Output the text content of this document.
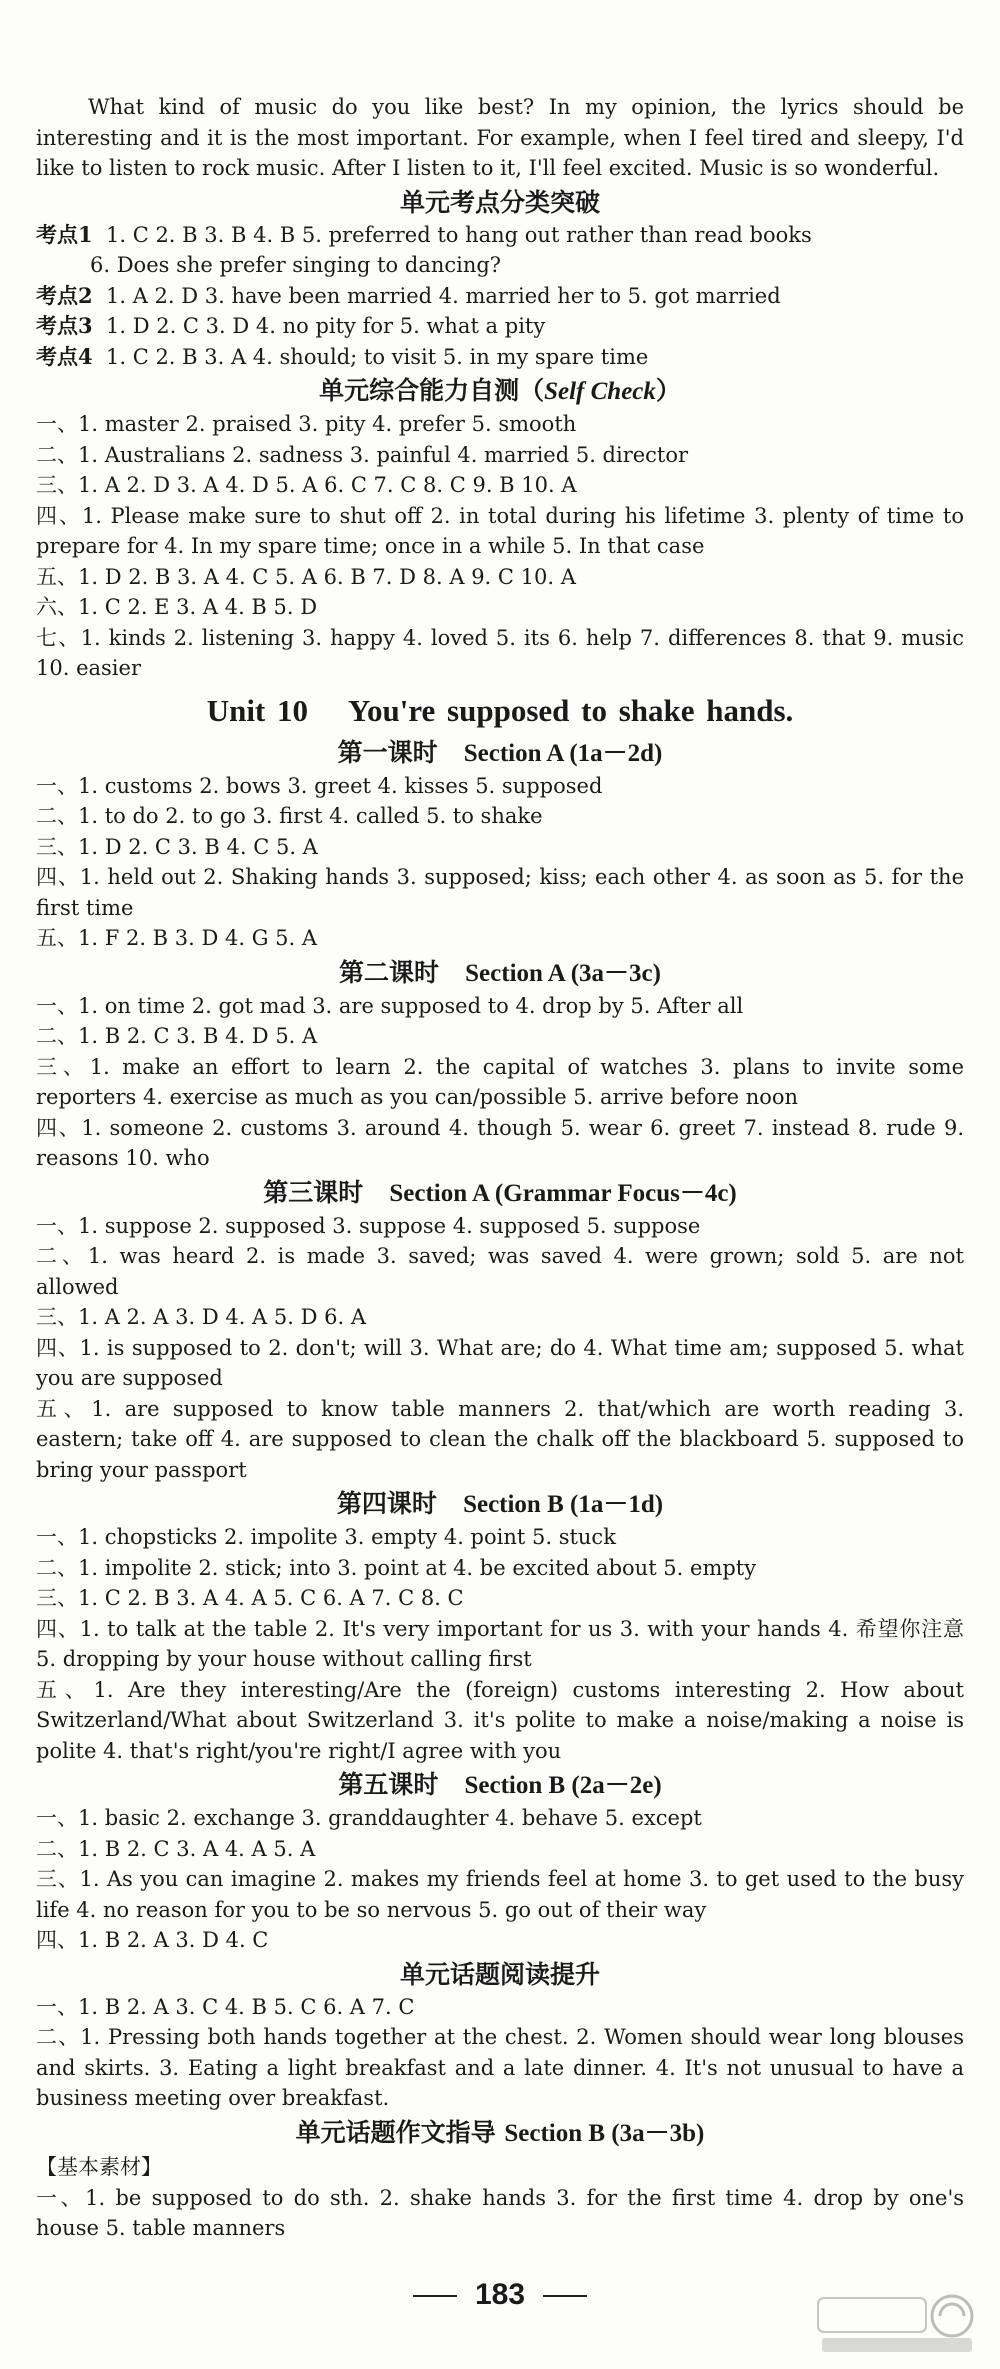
What kind of music do you like best? In my opinion, the lyrics should be interesting and it is the most important. For example, when I feel tired and sleepy, I'd like to listen to rock music. After I listen to it, I'll feel excited. Music is so wonderful.

单元考点分类突破
考点1 1. C 2. B 3. B 4. B 5. preferred to hang out rather than read books
6. Does she prefer singing to dancing?
考点2 1. A 2. D 3. have been married 4. married her to 5. got married
考点3 1. D 2. C 3. D 4. no pity for 5. what a pity
考点4 1. C 2. B 3. A 4. should; to visit 5. in my spare time
单元综合能力自测（Self Check）
一、1. master 2. praised 3. pity 4. prefer 5. smooth
二、1. Australians 2. sadness 3. painful 4. married 5. director
三、1. A 2. D 3. A 4. D 5. A 6. C 7. C 8. C 9. B 10. A
四、1. Please make sure to shut off 2. in total during his lifetime 3. plenty of time to prepare for 4. In my spare time; once in a while 5. In that case
五、1. D 2. B 3. A 4. C 5. A 6. B 7. D 8. A 9. C 10. A
六、1. C 2. E 3. A 4. B 5. D
七、1. kinds 2. listening 3. happy 4. loved 5. its 6. help 7. differences 8. that 9. music 10. easier
Unit 10 You're supposed to shake hands.
第一课时 Section A (1a－2d)
一、1. customs 2. bows 3. greet 4. kisses 5. supposed
二、1. to do 2. to go 3. first 4. called 5. to shake
三、1. D 2. C 3. B 4. C 5. A
四、1. held out 2. Shaking hands 3. supposed; kiss; each other 4. as soon as 5. for the first time
五、1. F 2. B 3. D 4. G 5. A
第二课时 Section A (3a－3c)
一、1. on time 2. got mad 3. are supposed to 4. drop by 5. After all
二、1. B 2. C 3. B 4. D 5. A
三、1. make an effort to learn 2. the capital of watches 3. plans to invite some reporters 4. exercise as much as you can/possible 5. arrive before noon
四、1. someone 2. customs 3. around 4. though 5. wear 6. greet 7. instead 8. rude 9. reasons 10. who
第三课时 Section A (Grammar Focus－4c)
一、1. suppose 2. supposed 3. suppose 4. supposed 5. suppose
二、1. was heard 2. is made 3. saved; was saved 4. were grown; sold 5. are not allowed
三、1. A 2. A 3. D 4. A 5. D 6. A
四、1. is supposed to 2. don't; will 3. What are; do 4. What time am; supposed 5. what you are supposed
五、1. are supposed to know table manners 2. that/which are worth reading 3. eastern; take off 4. are supposed to clean the chalk off the blackboard 5. supposed to bring your passport
第四课时 Section B (1a－1d)
一、1. chopsticks 2. impolite 3. empty 4. point 5. stuck
二、1. impolite 2. stick; into 3. point at 4. be excited about 5. empty
三、1. C 2. B 3. A 4. A 5. C 6. A 7. C 8. C
四、1. to talk at the table 2. It's very important for us 3. with your hands 4. 希望你注意 5. dropping by your house without calling first
五、1. Are they interesting/Are the (foreign) customs interesting 2. How about Switzerland/What about Switzerland 3. it's polite to make a noise/making a noise is polite 4. that's right/you're right/I agree with you
第五课时 Section B (2a－2e)
一、1. basic 2. exchange 3. granddaughter 4. behave 5. except
二、1. B 2. C 3. A 4. A 5. A
三、1. As you can imagine 2. makes my friends feel at home 3. to get used to the busy life 4. no reason for you to be so nervous 5. go out of their way
四、1. B 2. A 3. D 4. C
单元话题阅读提升
一、1. B 2. A 3. C 4. B 5. C 6. A 7. C
二、1. Pressing both hands together at the chest. 2. Women should wear long blouses and skirts. 3. Eating a light breakfast and a late dinner. 4. It's not unusual to have a business meeting over breakfast.
单元话题作文指导 Section B (3a－3b)
【基本素材】
一、1. be supposed to do sth. 2. shake hands 3. for the first time 4. drop by one's house 5. table manners
183
